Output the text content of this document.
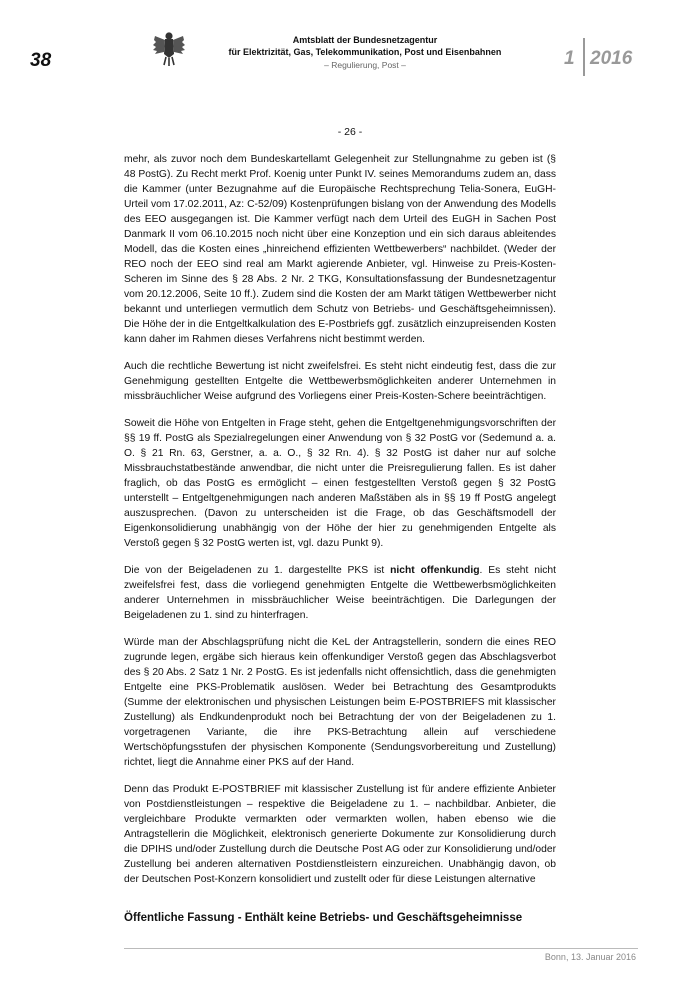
38
Amtsblatt der Bundesnetzagentur
für Elektrizität, Gas, Telekommunikation, Post und Eisenbahnen
– Regulierung, Post –	1 2016
- 26 -

mehr, als zuvor noch dem Bundeskartellamt Gelegenheit zur Stellungnahme zu geben ist (§ 48 PostG). Zu Recht merkt Prof. Koenig unter Punkt IV. seines Memorandums zudem an, dass die Kammer (unter Bezugnahme auf die Europäische Rechtsprechung Telia-Sonera, EuGH-Urteil vom 17.02.2011, Az: C-52/09) Kostenprüfungen bislang von der Anwendung des Modells des EEO ausgegangen ist. Die Kammer verfügt nach dem Urteil des EuGH in Sachen Post Danmark II vom 06.10.2015 noch nicht über eine Konzeption und ein sich daraus ableitendes Modell, das die Kosten eines „hinreichend effizienten Wettbewerbers“ nachbildet. (Weder der REO noch der EEO sind real am Markt agierende Anbieter, vgl. Hinweise zu Preis-Kosten-Scheren im Sinne des § 28 Abs. 2 Nr. 2 TKG, Konsultationsfassung der Bundesnetzagentur vom 20.12.2006, Seite 10 ff.). Zudem sind die Kosten der am Markt tätigen Wettbewerber nicht bekannt und unterliegen vermutlich dem Schutz von Betriebs- und Geschäftsgeheimnissen). Die Höhe der in die Entgeltkalkulation des E-Postbriefs ggf. zusätzlich einzupreisenden Kosten kann daher im Rahmen dieses Verfahrens nicht bestimmt werden.

Auch die rechtliche Bewertung ist nicht zweifelsfrei. Es steht nicht eindeutig fest, dass die zur Genehmigung gestellten Entgelte die Wettbewerbsmöglichkeiten anderer Unternehmen in missbräuchlicher Weise aufgrund des Vorliegens einer Preis-Kosten-Schere beeinträchtigen.

Soweit die Höhe von Entgelten in Frage steht, gehen die Entgeltgenehmigungsvorschriften der §§ 19 ff. PostG als Spezialregelungen einer Anwendung von § 32 PostG vor (Sedemund a. a. O. § 21 Rn. 63, Gerstner, a. a. O., § 32 Rn. 4). § 32 PostG ist daher nur auf solche Missbrauchstatbestände anwendbar, die nicht unter die Preisregulierung fallen. Es ist daher fraglich, ob das PostG es ermöglicht – einen festgestellten Verstoß gegen § 32 PostG unterstellt – Entgeltgenehmigungen nach anderen Maßstäben als in §§ 19 ff PostG angelegt auszusprechen. (Davon zu unterscheiden ist die Frage, ob das Geschäftsmodell der Eigenkonsolidierung unabhängig von der Höhe der hier zu genehmigenden Entgelte als Verstoß gegen § 32 PostG werten ist, vgl. dazu Punkt 9).

Die von der Beigeladenen zu 1. dargestellte PKS ist nicht offenkundig. Es steht nicht zweifelsfrei fest, dass die vorliegend genehmigten Entgelte die Wettbewerbsmöglichkeiten anderer Unternehmen in missbräuchlicher Weise beeinträchtigen. Die Darlegungen der Beigeladenen zu 1. sind zu hinterfragen.

Würde man der Abschlagsprüfung nicht die KeL der Antragstellerin, sondern die eines REO zugrunde legen, ergäbe sich hieraus kein offenkundiger Verstoß gegen das Abschlagsverbot des § 20 Abs. 2 Satz 1 Nr. 2 PostG. Es ist jedenfalls nicht offensichtlich, dass die genehmigten Entgelte eine PKS-Problematik auslösen. Weder bei Betrachtung des Gesamtprodukts (Summe der elektronischen und physischen Leistungen beim E-POSTBRIEFS mit klassischer Zustellung) als Endkundenprodukt noch bei Betrachtung der von der Beigeladenen zu 1. vorgetragenen Variante, die ihre PKS-Betrachtung allein auf verschiedene Wertschöpfungsstufen der physischen Komponente (Sendungsvorbereitung und Zustellung) richtet, liegt die Annahme einer PKS auf der Hand.

Denn das Produkt E-POSTBRIEF mit klassischer Zustellung ist für andere effiziente Anbieter von Postdienstleistungen – respektive die Beigeladene zu 1. – nachbildbar. Anbieter, die vergleichbare Produkte vermarkten oder vermarkten wollen, haben ebenso wie die Antragstellerin die Möglichkeit, elektronisch generierte Dokumente zur Konsolidierung durch die DPIHS und/oder Zustellung durch die Deutsche Post AG oder zur Konsolidierung und/oder Zustellung bei anderen alternativen Postdienstleistern einzureichen. Unabhängig davon, ob der Deutschen Post-Konzern konsolidiert und zustellt oder für diese Leistungen alternative

Öffentliche Fassung - Enthält keine Betriebs- und Geschäftsgeheimnisse
Bonn, 13. Januar 2016
